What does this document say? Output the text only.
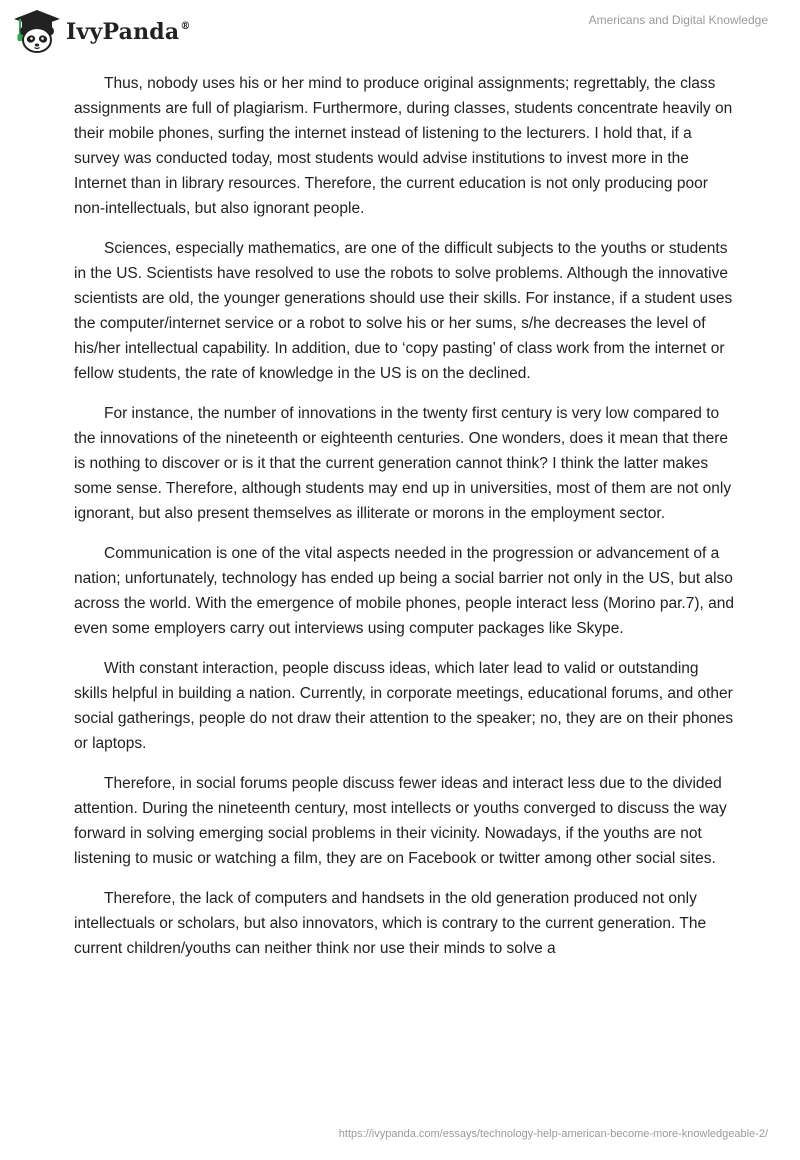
IvyPanda®	Americans and Digital Knowledge

Thus, nobody uses his or her mind to produce original assignments; regrettably, the class assignments are full of plagiarism. Furthermore, during classes, students concentrate heavily on their mobile phones, surfing the internet instead of listening to the lecturers. I hold that, if a survey was conducted today, most students would advise institutions to invest more in the Internet than in library resources. Therefore, the current education is not only producing poor non-intellectuals, but also ignorant people.

Sciences, especially mathematics, are one of the difficult subjects to the youths or students in the US. Scientists have resolved to use the robots to solve problems. Although the innovative scientists are old, the younger generations should use their skills. For instance, if a student uses the computer/internet service or a robot to solve his or her sums, s/he decreases the level of his/her intellectual capability. In addition, due to ‘copy pasting’ of class work from the internet or fellow students, the rate of knowledge in the US is on the declined.

For instance, the number of innovations in the twenty first century is very low compared to the innovations of the nineteenth or eighteenth centuries. One wonders, does it mean that there is nothing to discover or is it that the current generation cannot think? I think the latter makes some sense. Therefore, although students may end up in universities, most of them are not only ignorant, but also present themselves as illiterate or morons in the employment sector.

Communication is one of the vital aspects needed in the progression or advancement of a nation; unfortunately, technology has ended up being a social barrier not only in the US, but also across the world. With the emergence of mobile phones, people interact less (Morino par.7), and even some employers carry out interviews using computer packages like Skype.

With constant interaction, people discuss ideas, which later lead to valid or outstanding skills helpful in building a nation. Currently, in corporate meetings, educational forums, and other social gatherings, people do not draw their attention to the speaker; no, they are on their phones or laptops.

Therefore, in social forums people discuss fewer ideas and interact less due to the divided attention. During the nineteenth century, most intellects or youths converged to discuss the way forward in solving emerging social problems in their vicinity. Nowadays, if the youths are not listening to music or watching a film, they are on Facebook or twitter among other social sites.

Therefore, the lack of computers and handsets in the old generation produced not only intellectuals or scholars, but also innovators, which is contrary to the current generation. The current children/youths can neither think nor use their minds to solve a

https://ivypanda.com/essays/technology-help-american-become-more-knowledgeable-2/
